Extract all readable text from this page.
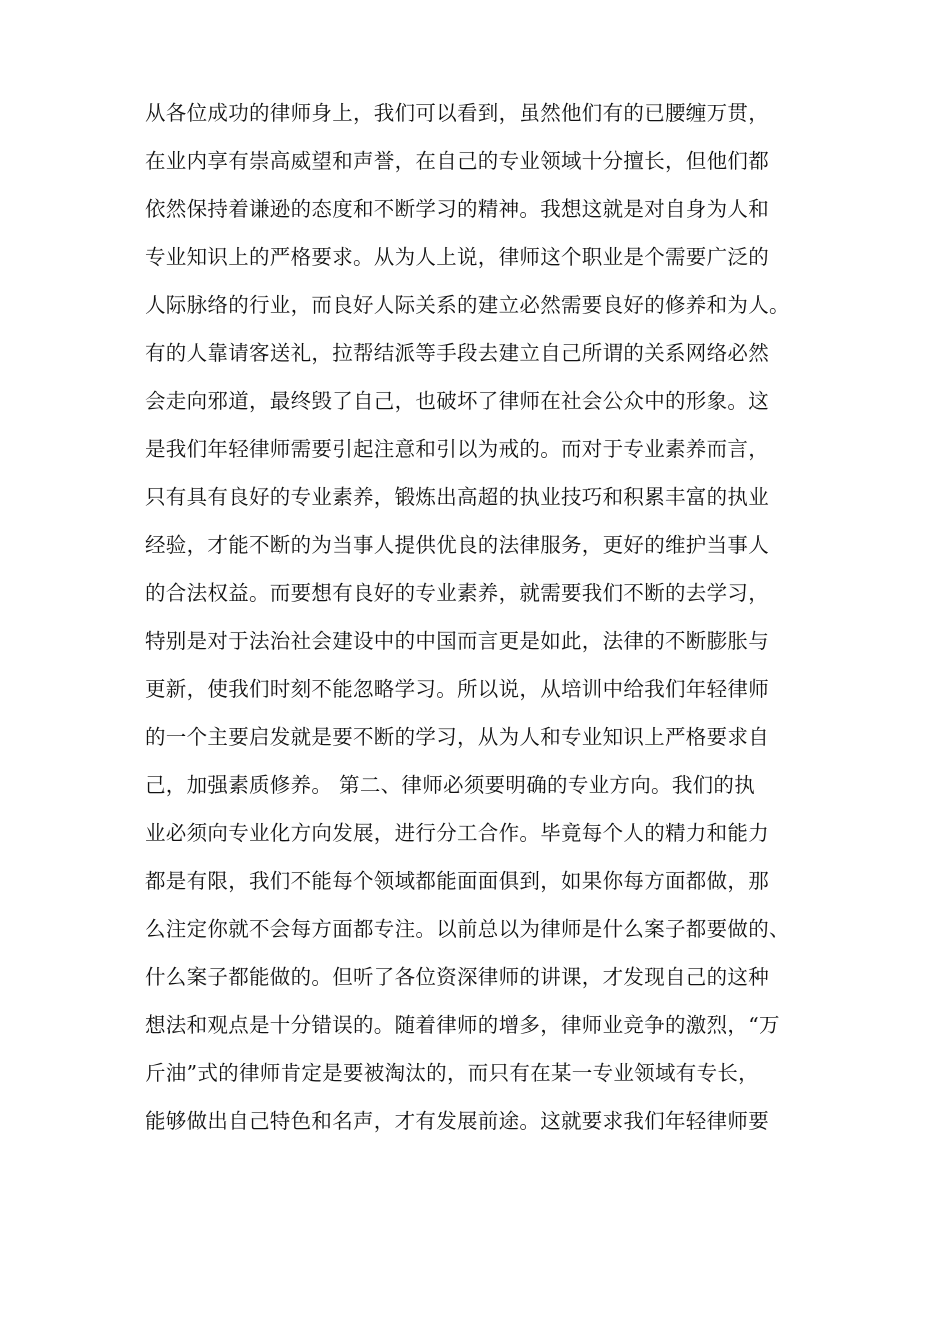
从各位成功的律师身上，我们可以看到，虽然他们有的已腰缠万贯，
在业内享有崇高威望和声誉，在自己的专业领域十分擅长，但他们都
依然保持着谦逊的态度和不断学习的精神。我想这就是对自身为人和
专业知识上的严格要求。从为人上说，律师这个职业是个需要广泛的
人际脉络的行业，而良好人际关系的建立必然需要良好的修养和为人。
有的人靠请客送礼，拉帮结派等手段去建立自己所谓的关系网络必然
会走向邪道，最终毁了自己，也破坏了律师在社会公众中的形象。这
是我们年轻律师需要引起注意和引以为戒的。而对于专业素养而言，
只有具有良好的专业素养，锻炼出高超的执业技巧和积累丰富的执业
经验，才能不断的为当事人提供优良的法律服务，更好的维护当事人
的合法权益。而要想有良好的专业素养，就需要我们不断的去学习，
特别是对于法治社会建设中的中国而言更是如此，法律的不断膨胀与
更新，使我们时刻不能忽略学习。所以说，从培训中给我们年轻律师
的一个主要启发就是要不断的学习，从为人和专业知识上严格要求自
己，加强素质修养。 第二、律师必须要明确的专业方向。我们的执
业必须向专业化方向发展，进行分工合作。毕竟每个人的精力和能力
都是有限，我们不能每个领域都能面面俱到，如果你每方面都做，那
么注定你就不会每方面都专注。以前总以为律师是什么案子都要做的、
什么案子都能做的。但听了各位资深律师的讲课，才发现自己的这种
想法和观点是十分错误的。随着律师的增多，律师业竞争的激烈，“万
斤油”式的律师肯定是要被淘汰的，而只有在某一专业领域有专长，
能够做出自己特色和名声，才有发展前途。这就要求我们年轻律师要
